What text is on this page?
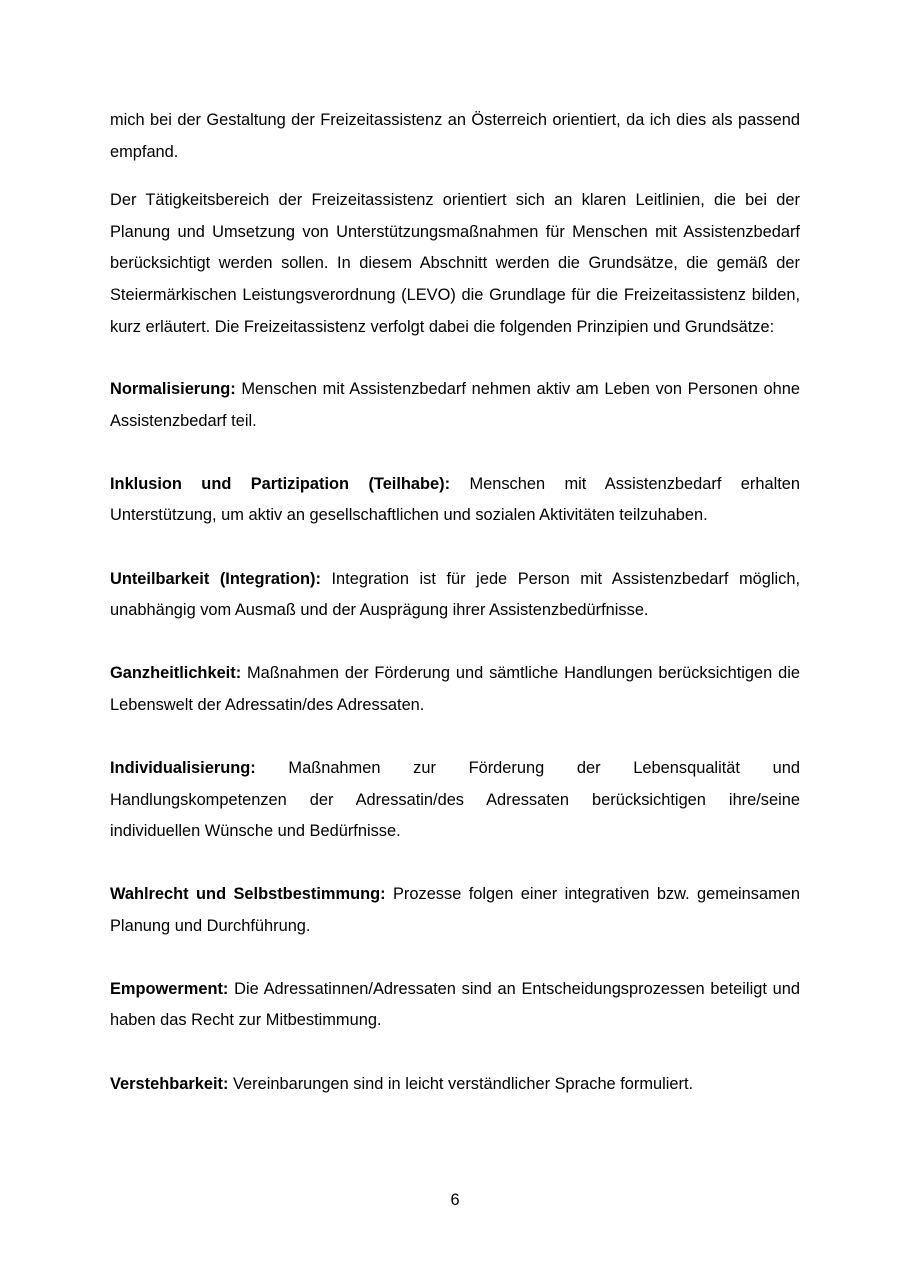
mich bei der Gestaltung der Freizeitassistenz an Österreich orientiert, da ich dies als passend empfand.

Der Tätigkeitsbereich der Freizeitassistenz orientiert sich an klaren Leitlinien, die bei der Planung und Umsetzung von Unterstützungsmaßnahmen für Menschen mit Assistenzbedarf berücksichtigt werden sollen. In diesem Abschnitt werden die Grundsätze, die gemäß der Steiermärkischen Leistungsverordnung (LEVO) die Grundlage für die Freizeitassistenz bilden, kurz erläutert. Die Freizeitassistenz verfolgt dabei die folgenden Prinzipien und Grundsätze:

Normalisierung: Menschen mit Assistenzbedarf nehmen aktiv am Leben von Personen ohne Assistenzbedarf teil.

Inklusion und Partizipation (Teilhabe): Menschen mit Assistenzbedarf erhalten Unterstützung, um aktiv an gesellschaftlichen und sozialen Aktivitäten teilzuhaben.

Unteilbarkeit (Integration): Integration ist für jede Person mit Assistenzbedarf möglich, unabhängig vom Ausmaß und der Ausprägung ihrer Assistenzbedürfnisse.

Ganzheitlichkeit: Maßnahmen der Förderung und sämtliche Handlungen berücksichtigen die Lebenswelt der Adressatin/des Adressaten.

Individualisierung: Maßnahmen zur Förderung der Lebensqualität und Handlungskompetenzen der Adressatin/des Adressaten berücksichtigen ihre/seine individuellen Wünsche und Bedürfnisse.

Wahlrecht und Selbstbestimmung: Prozesse folgen einer integrativen bzw. gemeinsamen Planung und Durchführung.

Empowerment: Die Adressatinnen/Adressaten sind an Entscheidungsprozessen beteiligt und haben das Recht zur Mitbestimmung.

Verstehbarkeit: Vereinbarungen sind in leicht verständlicher Sprache formuliert.

6
